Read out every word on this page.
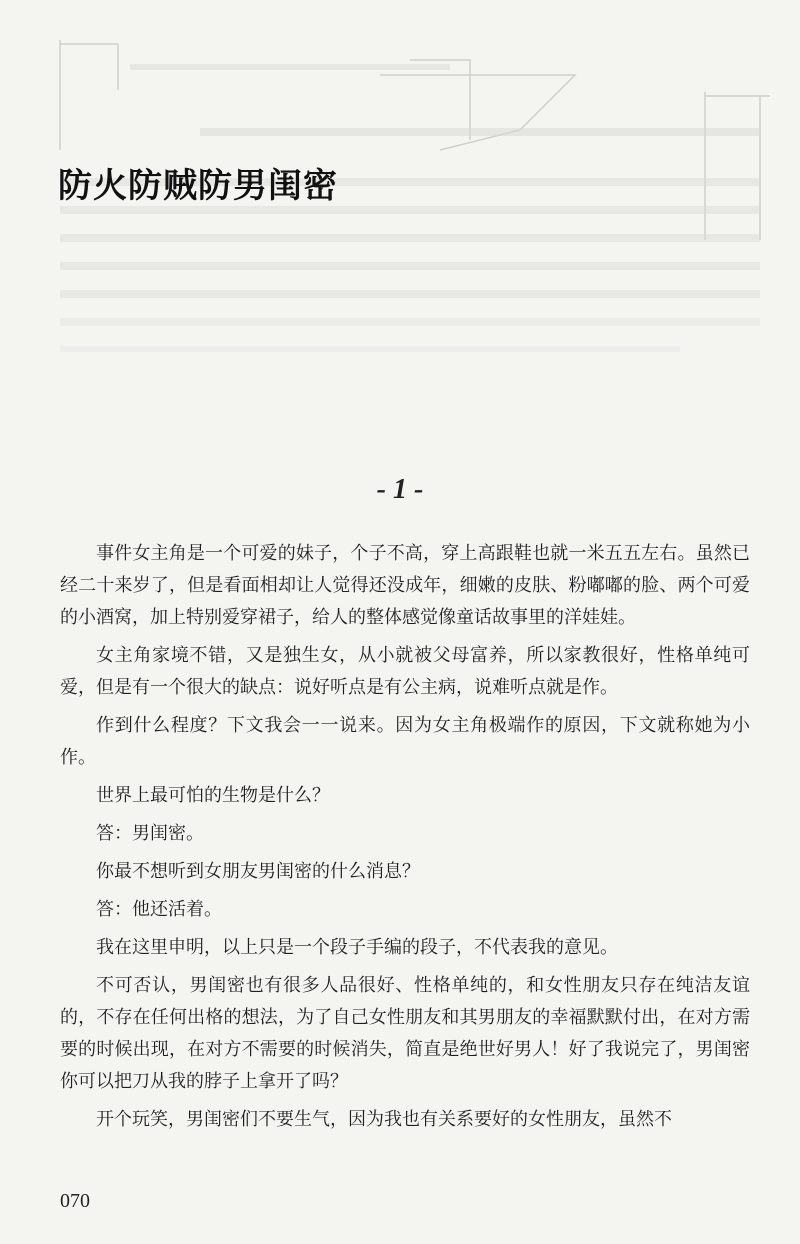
防火防贼防男闺密
- 1 -

事件女主角是一个可爱的妹子，个子不高，穿上高跟鞋也就一米五五左右。虽然已经二十来岁了，但是看面相却让人觉得还没成年，细嫩的皮肤、粉嘟嘟的脸、两个可爱的小酒窝，加上特别爱穿裙子，给人的整体感觉像童话故事里的洋娃娃。

女主角家境不错，又是独生女，从小就被父母富养，所以家教很好，性格单纯可爱，但是有一个很大的缺点：说好听点是有公主病，说难听点就是作。

作到什么程度？下文我会一一说来。因为女主角极端作的原因，下文就称她为小作。

世界上最可怕的生物是什么？

答：男闺密。

你最不想听到女朋友男闺密的什么消息？

答：他还活着。

我在这里申明，以上只是一个段子手编的段子，不代表我的意见。

不可否认，男闺密也有很多人品很好、性格单纯的，和女性朋友只存在纯洁友谊的，不存在任何出格的想法，为了自己女性朋友和其男朋友的幸福默默付出，在对方需要的时候出现，在对方不需要的时候消失，简直是绝世好男人！好了我说完了，男闺密你可以把刀从我的脖子上拿开了吗？

开个玩笑，男闺密们不要生气，因为我也有关系要好的女性朋友，虽然不

070
